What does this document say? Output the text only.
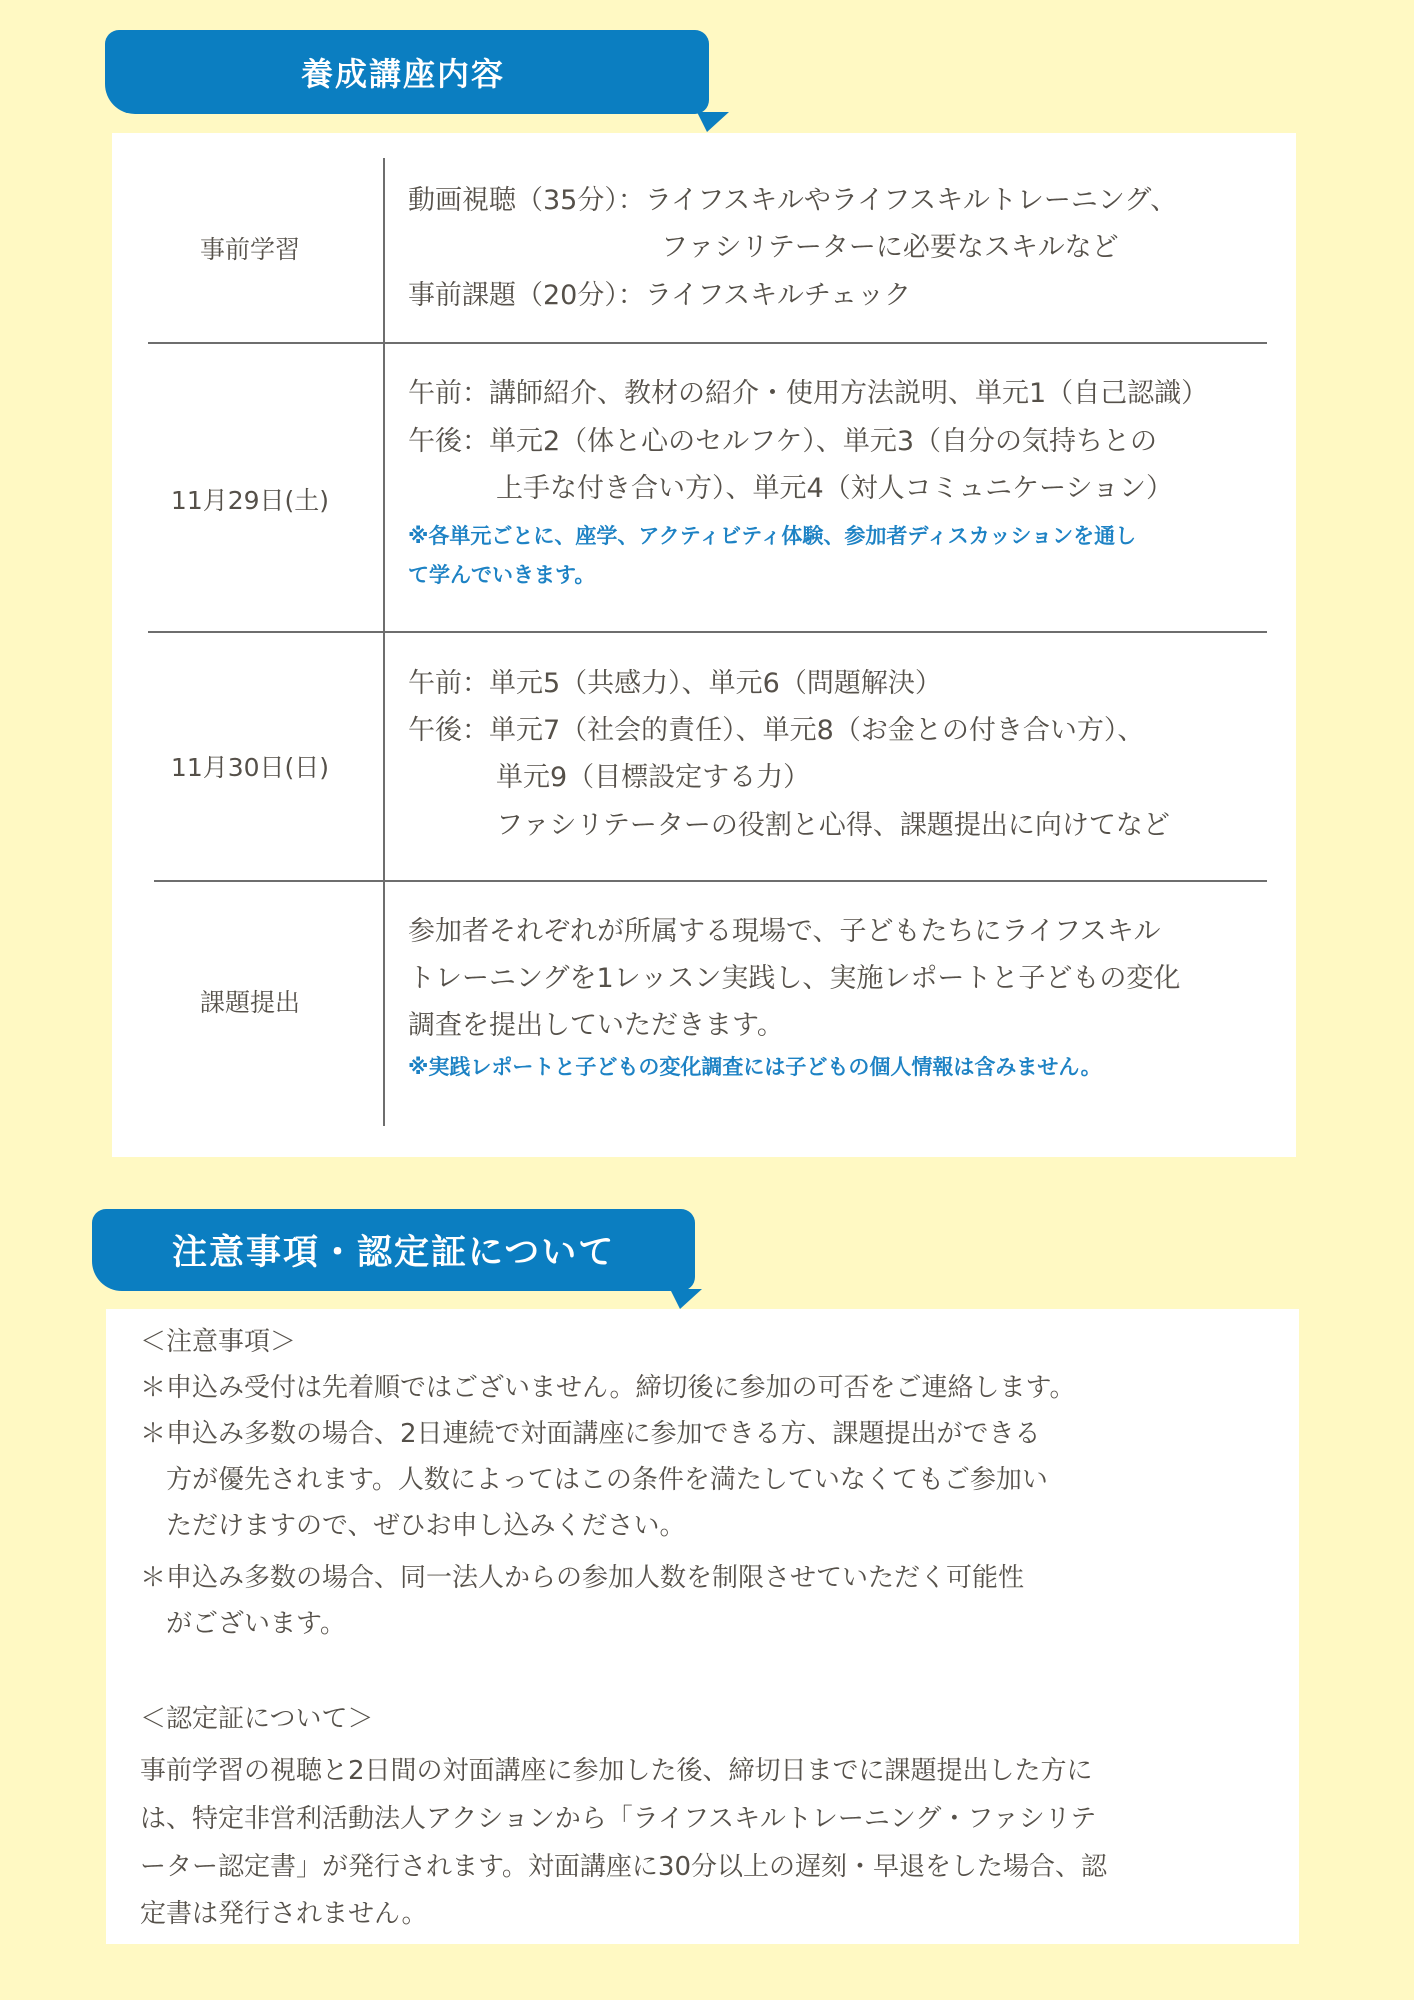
養成講座内容
事前学習
動画視聴（35分）：ライフスキルやライフスキルトレーニング、
ファシリテーターに必要なスキルなど
事前課題（20分）：ライフスキルチェック
11月29日(土)
午前：講師紹介、教材の紹介・使用方法説明、単元1（自己認識）
午後：単元2（体と心のセルフケ）、単元3（自分の気持ちとの
上手な付き合い方）、単元4（対人コミュニケーション）
※各単元ごとに、座学、アクティビティ体験、参加者ディスカッションを通し
て学んでいきます。
11月30日(日)
午前：単元5（共感力）、単元6（問題解決）
午後：単元7（社会的責任）、単元8（お金との付き合い方）、
単元9（目標設定する力）
ファシリテーターの役割と心得、課題提出に向けてなど
課題提出
参加者それぞれが所属する現場で、子どもたちにライフスキル
トレーニングを1レッスン実践し、実施レポートと子どもの変化
調査を提出していただきます。
※実践レポートと子どもの変化調査には子どもの個人情報は含みません。
注意事項・認定証について
＜注意事項＞
＊申込み受付は先着順ではございません。締切後に参加の可否をご連絡します。
＊申込み多数の場合、2日連続で対面講座に参加できる方、課題提出ができる
　方が優先されます。人数によってはこの条件を満たしていなくてもご参加い
　ただけますので、ぜひお申し込みください。
＊申込み多数の場合、同一法人からの参加人数を制限させていただく可能性
　がございます。
＜認定証について＞
事前学習の視聴と2日間の対面講座に参加した後、締切日までに課題提出した方に
は、特定非営利活動法人アクションから「ライフスキルトレーニング・ファシリテ
ーター認定書」が発行されます。対面講座に30分以上の遅刻・早退をした場合、認
定書は発行されません。
